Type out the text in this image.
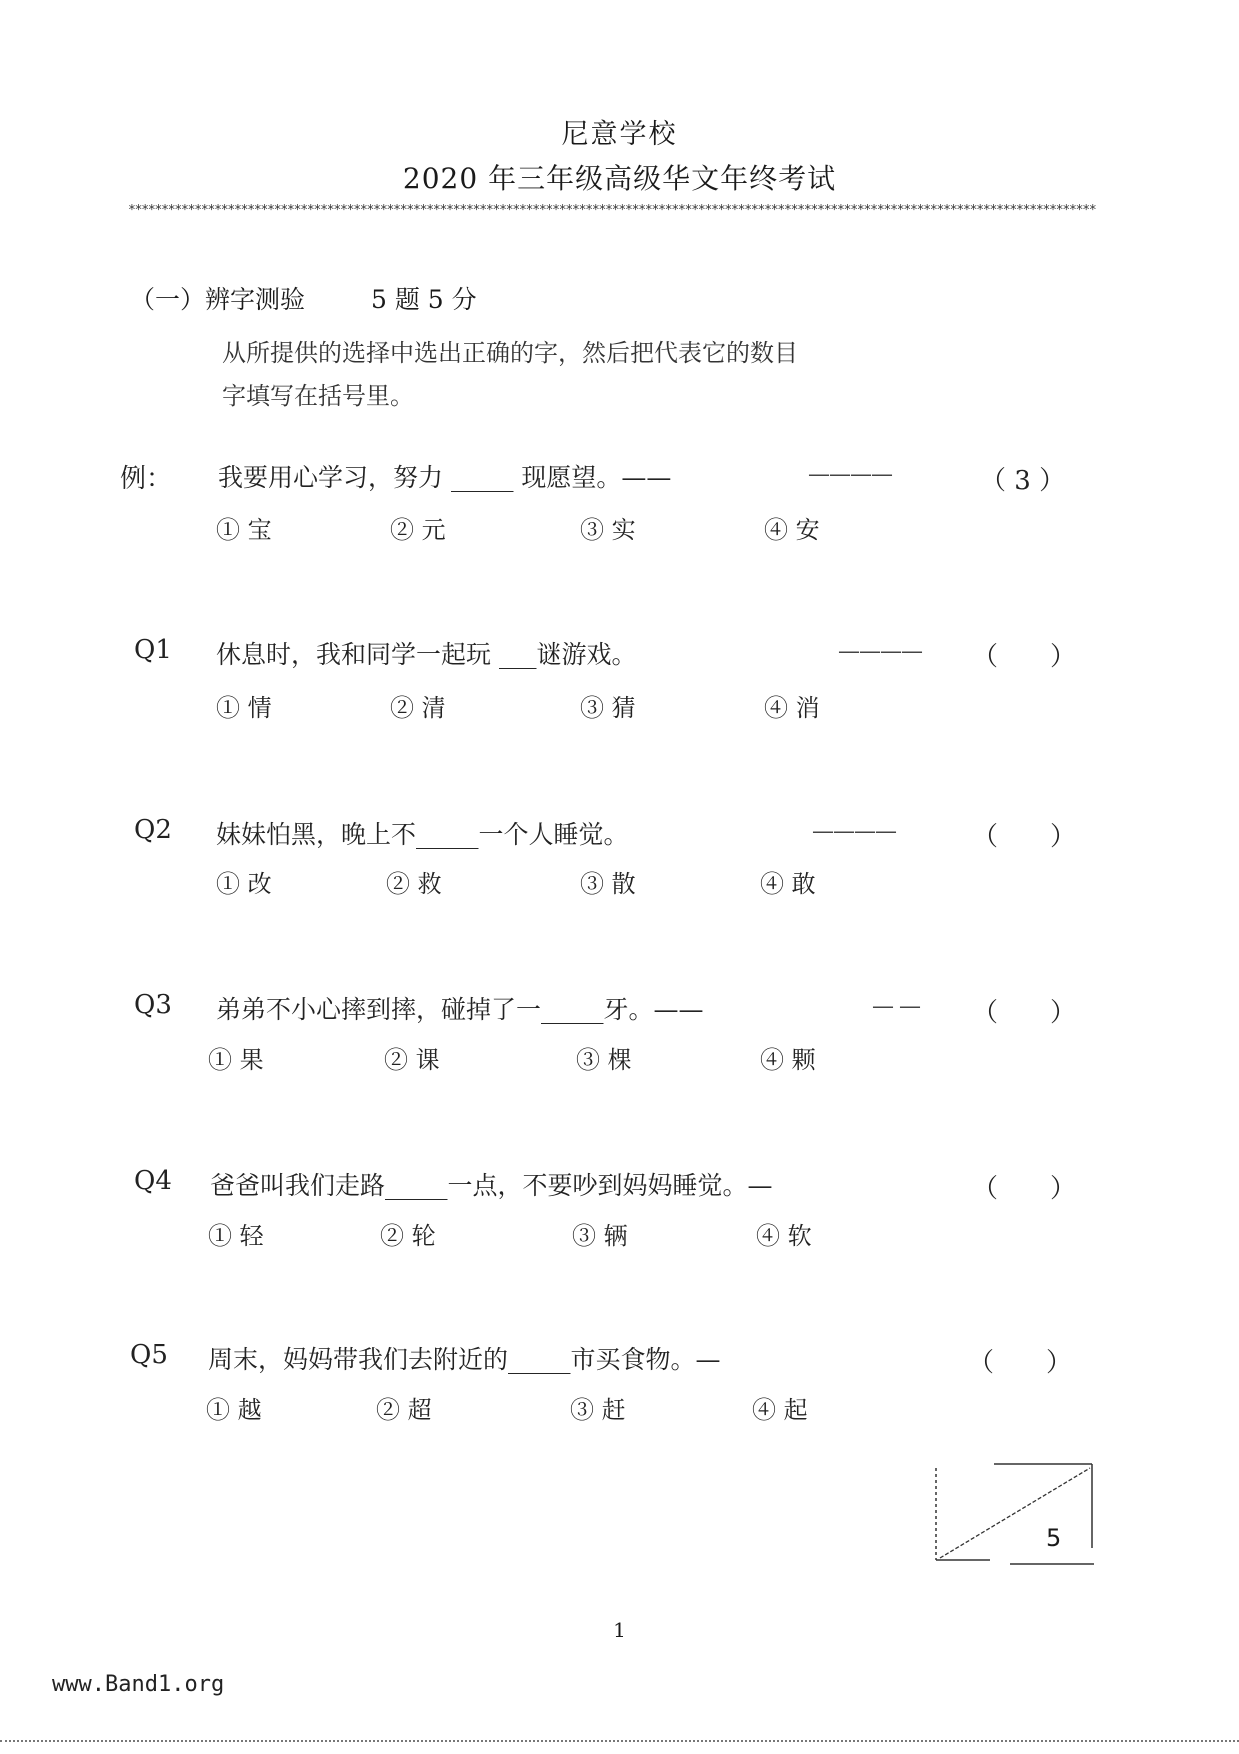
尼意学校
2020 年三年级高级华文年终考试
**************************************************************************************************************************************************
（一）辨字测验	5 题 5 分
从所提供的选择中选出正确的字，然后把代表它的数目
字填写在括号里。
例： 我要用心学习，努力 _____ 现愿望。——	————	（ 3 ）
① 宝	② 元	③ 实	④ 安
Q1 休息时，我和同学一起玩 ___谜游戏。	———— （　　）
① 情	② 清	③ 猜	④ 消
Q2 妹妹怕黑，晚上不_____一个人睡觉。	————	（　　）
① 改	② 救	③ 散	④ 敢
Q3 弟弟不小心摔到摔，碰掉了一_____牙。——	— — （　　）
① 果	② 课	③ 棵	④ 颗
Q4 爸爸叫我们走路_____一点，不要吵到妈妈睡觉。—	（　　）
① 轻	② 轮	③ 辆	④ 软
Q5 周末，妈妈带我们去附近的_____市买食物。—	（　　）
① 越	② 超	③ 赶	④ 起
5
1
www.Band1.org
